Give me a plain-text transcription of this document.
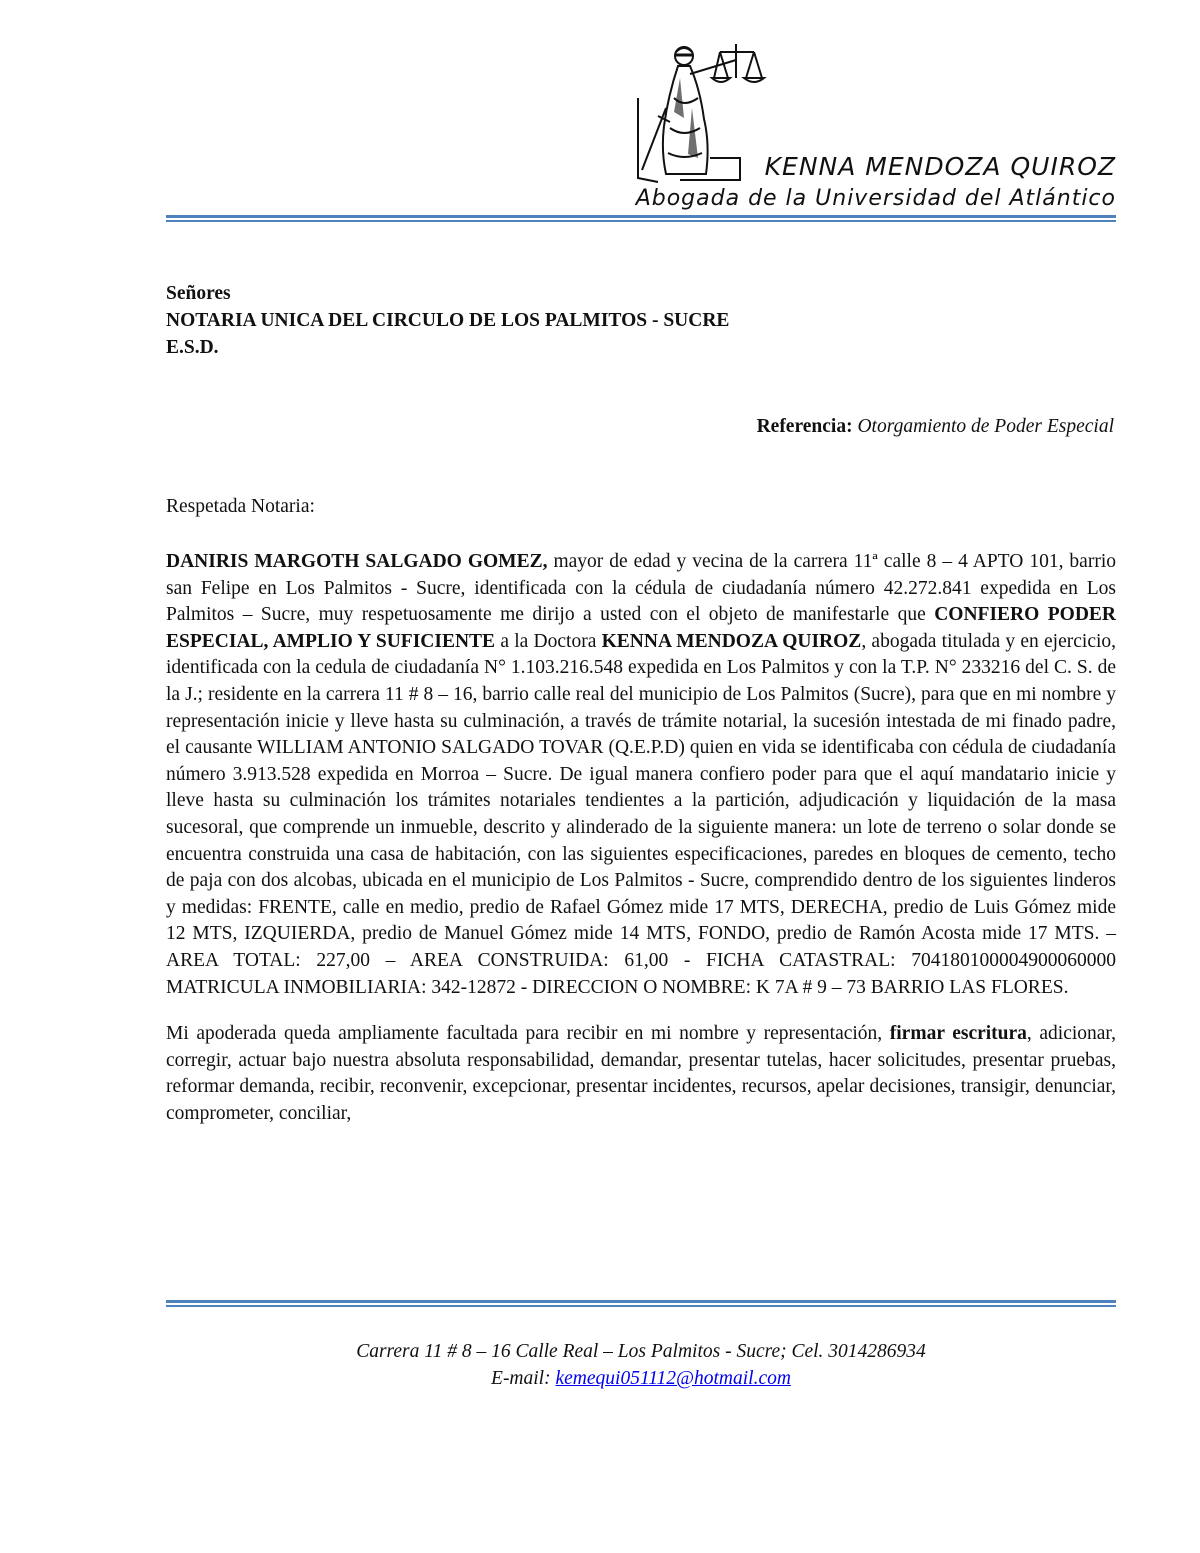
KENNA MENDOZA QUIROZ
Abogada de la Universidad del Atlántico
Señores
NOTARIA UNICA DEL CIRCULO DE LOS PALMITOS - SUCRE
E.S.D.
Referencia: Otorgamiento de Poder Especial
Respetada Notaria:

DANIRIS MARGOTH SALGADO GOMEZ, mayor de edad y vecina de la carrera 11ª calle 8 – 4 APTO 101, barrio san Felipe en Los Palmitos - Sucre, identificada con la cédula de ciudadanía número 42.272.841 expedida en Los Palmitos – Sucre, muy respetuosamente me dirijo a usted con el objeto de manifestarle que CONFIERO PODER ESPECIAL, AMPLIO Y SUFICIENTE a la Doctora KENNA MENDOZA QUIROZ, abogada titulada y en ejercicio, identificada con la cedula de ciudadanía N° 1.103.216.548 expedida en Los Palmitos y con la T.P. N° 233216 del C. S. de la J.; residente en la carrera 11 # 8 – 16, barrio calle real del municipio de Los Palmitos (Sucre), para que en mi nombre y representación inicie y lleve hasta su culminación, a través de trámite notarial, la sucesión intestada de mi finado padre, el causante WILLIAM ANTONIO SALGADO TOVAR (Q.E.P.D) quien en vida se identificaba con cédula de ciudadanía número 3.913.528 expedida en Morroa – Sucre. De igual manera confiero poder para que el aquí mandatario inicie y lleve hasta su culminación los trámites notariales tendientes a la partición, adjudicación y liquidación de la masa sucesoral, que comprende un inmueble, descrito y alinderado de la siguiente manera: un lote de terreno o solar donde se encuentra construida una casa de habitación, con las siguientes especificaciones, paredes en bloques de cemento, techo de paja con dos alcobas, ubicada en el municipio de Los Palmitos - Sucre, comprendido dentro de los siguientes linderos y medidas: FRENTE, calle en medio, predio de Rafael Gómez mide 17 MTS, DERECHA, predio de Luis Gómez mide 12 MTS, IZQUIERDA, predio de Manuel Gómez mide 14 MTS, FONDO, predio de Ramón Acosta mide 17 MTS. – AREA TOTAL: 227,00 – AREA CONSTRUIDA: 61,00 - FICHA CATASTRAL: 704180100004900060000 MATRICULA INMOBILIARIA: 342-12872 - DIRECCION O NOMBRE: K 7A # 9 – 73 BARRIO LAS FLORES.

Mi apoderada queda ampliamente facultada para recibir en mi nombre y representación, firmar escritura, adicionar, corregir, actuar bajo nuestra absoluta responsabilidad, demandar, presentar tutelas, hacer solicitudes, presentar pruebas, reformar demanda, recibir, reconvenir, excepcionar, presentar incidentes, recursos, apelar decisiones, transigir, denunciar, comprometer, conciliar,

Carrera 11 # 8 – 16 Calle Real – Los Palmitos - Sucre; Cel. 3014286934
E-mail: kemequi051112@hotmail.com
